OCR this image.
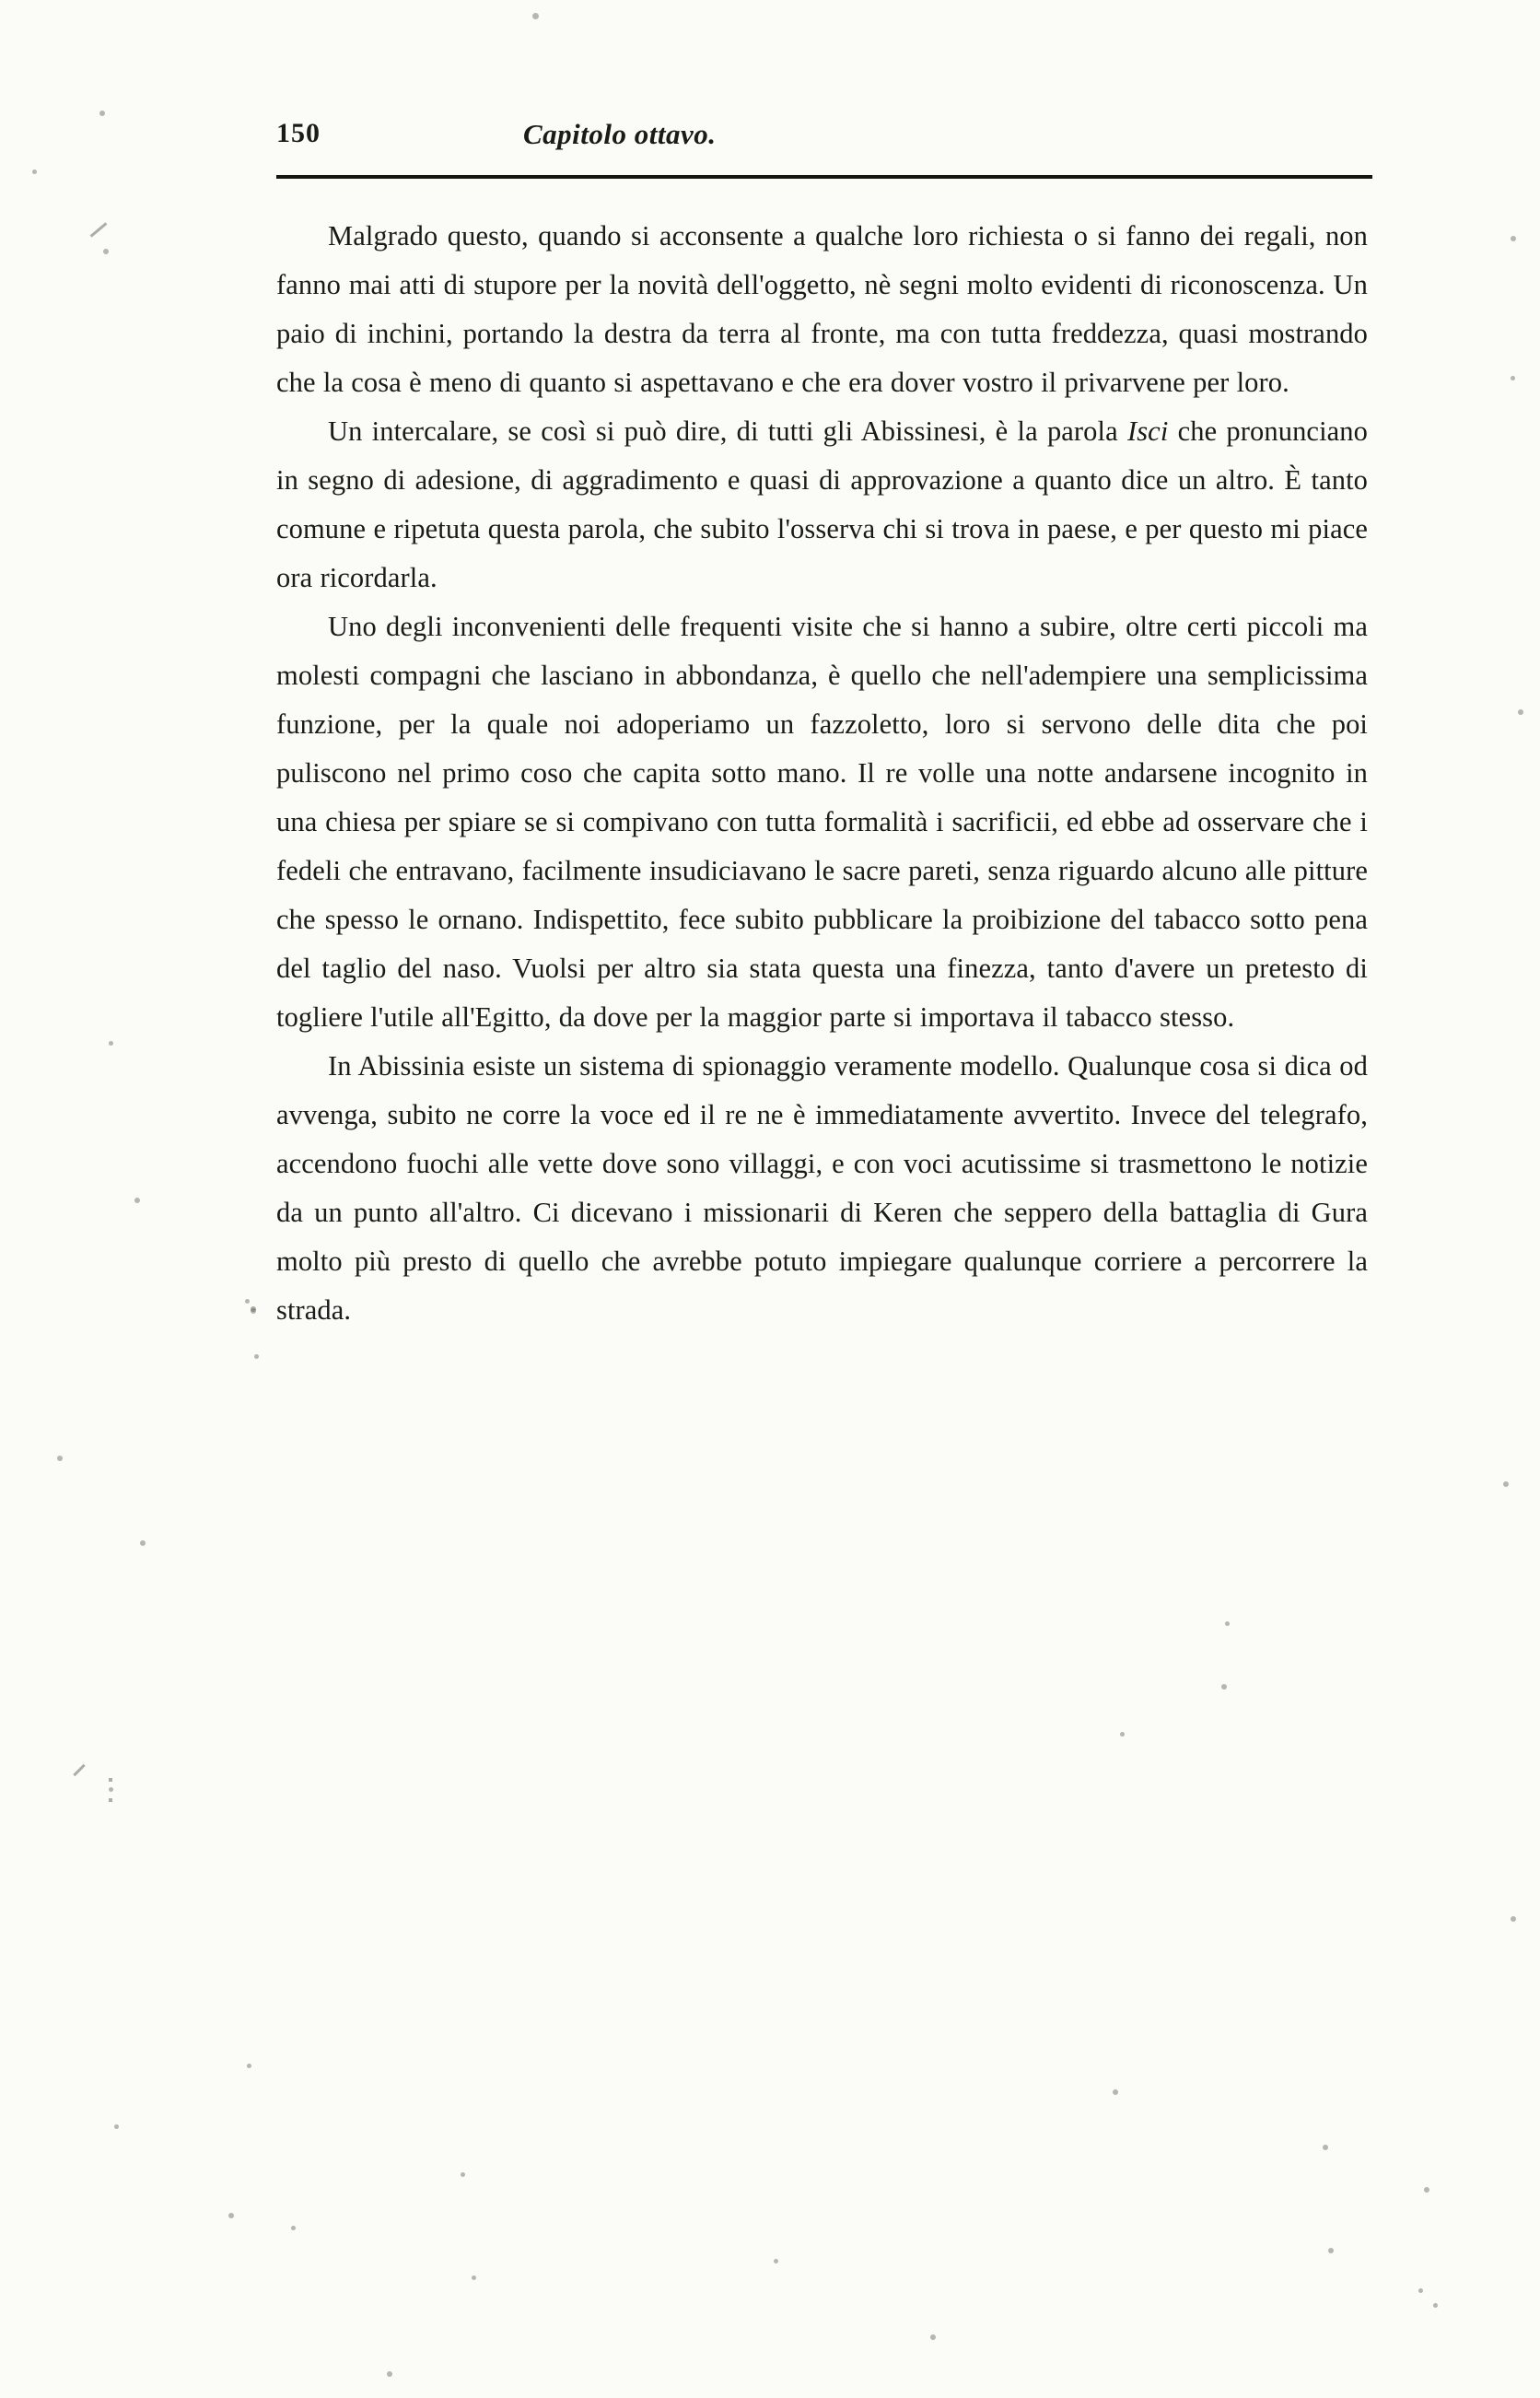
150	Capitolo ottavo.

Malgrado questo, quando si acconsente a qualche loro richiesta o si fanno dei regali, non fanno mai atti di stupore per la novità dell'oggetto, nè segni molto evidenti di riconoscenza. Un paio di inchini, portando la destra da terra al fronte, ma con tutta freddezza, quasi mostrando che la cosa è meno di quanto si aspettavano e che era dover vostro il privarvene per loro.

Un intercalare, se così si può dire, di tutti gli Abissinesi, è la parola Isci che pronunciano in segno di adesione, di aggradimento e quasi di approvazione a quanto dice un altro. È tanto comune e ripetuta questa parola, che subito l'osserva chi si trova in paese, e per questo mi piace ora ricordarla.

Uno degli inconvenienti delle frequenti visite che si hanno a subire, oltre certi piccoli ma molesti compagni che lasciano in abbondanza, è quello che nell'adempiere una semplicissima funzione, per la quale noi adoperiamo un fazzoletto, loro si servono delle dita che poi puliscono nel primo coso che capita sotto mano. Il re volle una notte andarsene incognito in una chiesa per spiare se si compivano con tutta formalità i sacrificii, ed ebbe ad osservare che i fedeli che entravano, facilmente insudiciavano le sacre pareti, senza riguardo alcuno alle pitture che spesso le ornano. Indispettito, fece subito pubblicare la proibizione del tabacco sotto pena del taglio del naso. Vuolsi per altro sia stata questa una finezza, tanto d'avere un pretesto di togliere l'utile all'Egitto, da dove per la maggior parte si importava il tabacco stesso.

In Abissinia esiste un sistema di spionaggio veramente modello. Qualunque cosa si dica od avvenga, subito ne corre la voce ed il re ne è immediatamente avvertito. Invece del telegrafo, accendono fuochi alle vette dove sono villaggi, e con voci acutissime si trasmettono le notizie da un punto all'altro. Ci dicevano i missionarii di Keren che seppero della battaglia di Gura molto più presto di quello che avrebbe potuto impiegare qualunque corriere a percorrere la strada.
